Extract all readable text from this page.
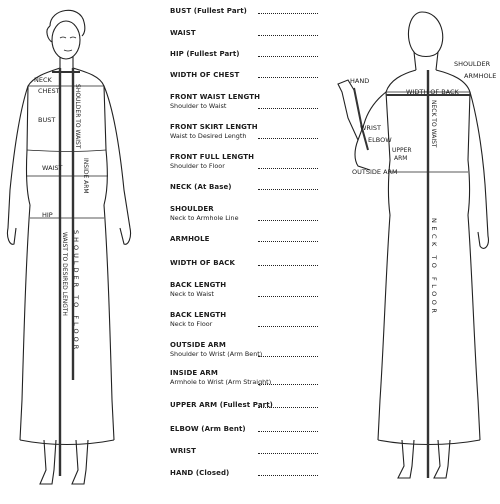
NECK
CHEST
BUST
WAIST
HIP
INSIDE ARM
SHOULDER TO WAIST
SHOULDER TO FLOOR
WAIST TO DESIRED LENGTH
BUST (Fullest Part)
WAIST
HIP (Fullest Part)
WIDTH OF CHEST
FRONT WAIST LENGTH
Shoulder to Waist
FRONT SKIRT LENGTH
Waist to Desired Length
FRONT FULL LENGTH
Shoulder to Floor
NECK (At Base)
SHOULDER
Neck to Armhole Line
ARMHOLE
WIDTH OF BACK
BACK LENGTH
Neck to Waist
BACK LENGTH
Neck to Floor
OUTSIDE ARM
Shoulder to Wrist (Arm Bent)
INSIDE ARM
Armhole to Wrist (Arm Straight)
UPPER ARM (Fullest Part)
ELBOW (Arm Bent)
WRIST
HAND (Closed)
HAND
SHOULDER
ARMHOLE
WIDTH OF BACK
WRIST
ELBOW
UPPER
ARM
OUTSIDE ARM
NECK TO WAIST
NECK TO FLOOR
